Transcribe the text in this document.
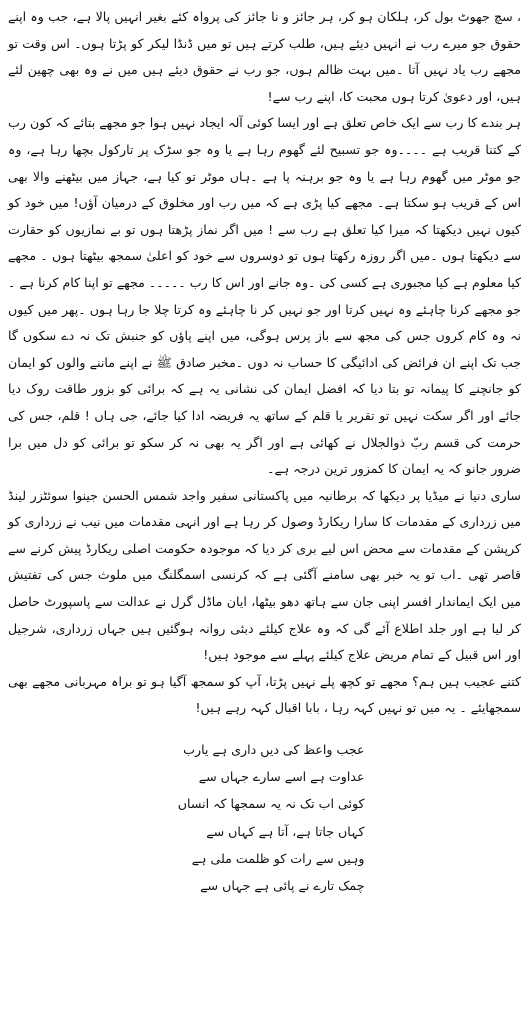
، سچ جھوٹ بول کر، ہلکان ہو کر، ہر جائز و نا جائز کی پرواہ کئے بغیر انہیں پالا ہے، جب وہ اپنے حقوق جو میرے رب نے انہیں دیئے ہیں، طلب کرتے ہیں تو میں ڈنڈا لیکر کو پڑتا ہوں۔ اس وقت تو مجھے رب یاد نہیں آتا ۔میں بہت ظالم ہوں، جو رب نے حقوق دیئے ہیں میں نے وہ بھی چھین لئے ہیں، اور دعویٰ کرتا ہوں محبت کا، اپنے رب سے!

ہر بندے کا رب سے ایک خاص تعلق ہے اور ایسا کوئی آلہ ایجاد نہیں ہوا جو مجھے بتائے کہ کون رب کے کتنا قریب ہے ۔۔۔۔وہ جو تسبیح لئے گھوم رہا ہے یا وہ جو سڑک پر تارکول بچھا رہا ہے، وہ جو موٹر میں گھوم رہا ہے یا وہ جو برہنہ پا ہے ۔ہاں موٹر تو کیا ہے، جہاز میں بیٹھنے والا بھی اس کے قریب ہو سکتا ہے۔ مجھے کیا پڑی ہے کہ میں رب اور مخلوق کے درمیان آؤں! میں خود کو کیوں نہیں دیکھتا کہ میرا کیا تعلق ہے رب سے ! میں اگر نماز پڑھتا ہوں تو بے نمازیوں کو حقارت سے دیکھتا ہوں ۔میں اگر روزہ رکھتا ہوں تو دوسروں سے خود کو اعلیٰ سمجھ بیٹھتا ہوں ۔ مجھے کیا معلوم ہے کیا مجبوری ہے کسی کی ۔وہ جانے اور اس کا رب ۔۔۔۔۔ مجھے تو اپنا کام کرنا ہے ۔ جو مجھے کرنا چاہئے وہ نہیں کرتا اور جو نہیں کر نا چاہئے وہ کرتا چلا جا رہا ہوں ۔پھر میں کیوں نہ وہ کام کروں جس کی مجھ سے باز پرس ہوگی، میں اپنے پاؤں کو جنبش تک نہ دے سکوں گا جب تک اپنے ان فرائض کی ادائیگی کا حساب نہ دوں ۔مخبر صادق ﷺ نے اپنے ماننے والوں کو ایمان کو جانچنے کا پیمانہ تو بتا دیا کہ افضل ایمان کی نشانی یہ ہے کہ برائی کو بزور طاقت روک دیا جائے اور اگر سکت نہیں تو تقریر یا قلم کے ساتھ یہ فریضہ ادا کیا جائے، جی ہاں ! قلم، جس کی حرمت کی قسم ربّ ذوالجلال نے کھائی ہے اور اگر یہ بھی نہ کر سکو تو برائی کو دل میں برا ضرور جانو کہ یہ ایمان کا کمزور ترین درجہ ہے۔

ساری دنیا نے میڈیا پر دیکھا کہ برطانیہ میں پاکستانی سفیر واجد شمس الحسن جینوا سوئٹزر لینڈ میں زرداری کے مقدمات کا سارا ریکارڈ وصول کر رہا ہے اور انہی مقدمات میں نیب نے زرداری کو کرپشن کے مقدمات سے محض اس لیے بری کر دیا کہ موجودہ حکومت اصلی ریکارڈ پیش کرنے سے قاصر تھی ۔اب تو یہ خبر بھی سامنے آگئی ہے کہ کرنسی اسمگلنگ میں ملوث جس کی تفتیش میں ایک ایماندار افسر اپنی جان سے ہاتھ دھو بیٹھا، ایان ماڈل گرل نے عدالت سے پاسپورٹ حاصل کر لیا ہے اور جلد اطلاع آئے گی کہ وہ علاج کیلئے دبئی روانہ ہوگئیں ہیں جہاں زرداری، شرجیل اور اس قبیل کے تمام مریض علاج کیلئے پہلے سے موجود ہیں!

کتنے عجیب ہیں ہم؟ مجھے تو کچھ پلے نہیں پڑتا، آپ کو سمجھ آگیا ہو تو براہ مہربانی مجھے بھی سمجھایئے ۔ یہ میں تو نہیں کہہ رہا ، بابا اقبال کہہ رہے ہیں!

عجب واعظ کی دیں داری ہے یارب
عداوت ہے اسے سارے جہاں سے
کوئی اب تک نہ یہ سمجھا کہ انساں
کہاں جاتا ہے، آتا ہے کہاں سے
وہیں سے رات کو ظلمت ملی ہے
چمک تارے نے پائی ہے جہاں سے
